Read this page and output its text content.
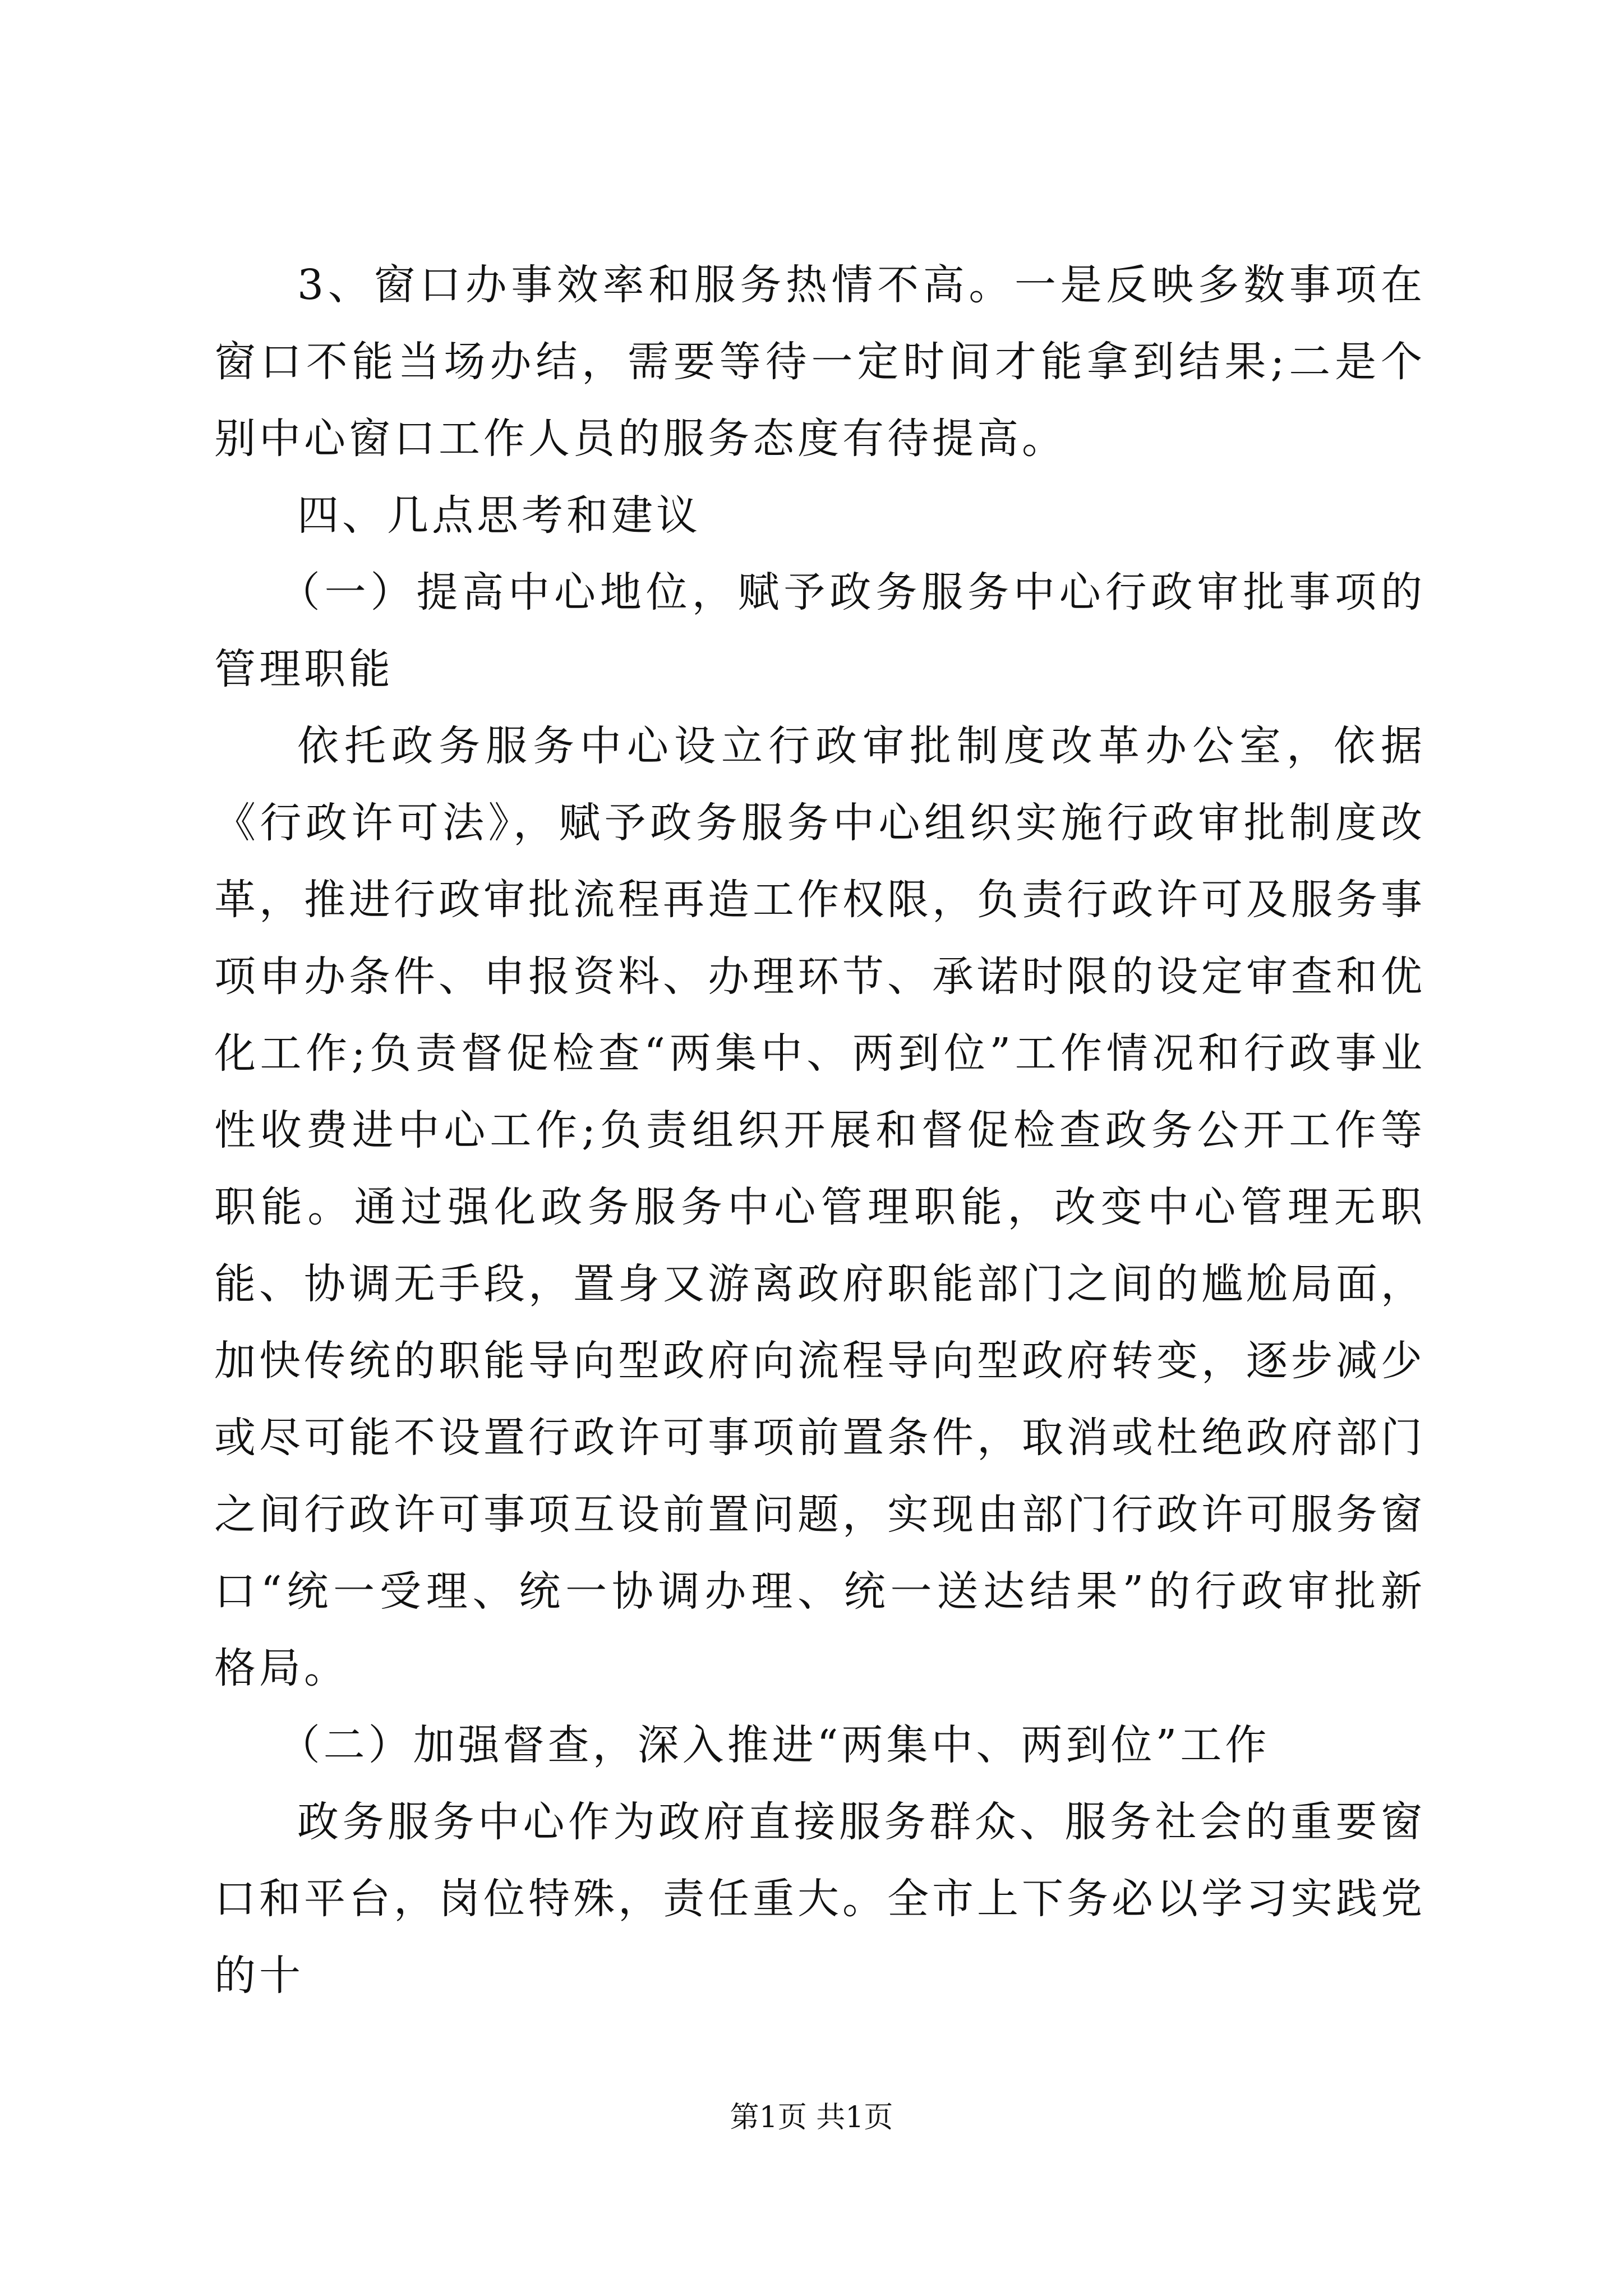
3、窗口办事效率和服务热情不高。一是反映多数事项在窗口不能当场办结，需要等待一定时间才能拿到结果;二是个别中心窗口工作人员的服务态度有待提高。

四、几点思考和建议

（一）提高中心地位，赋予政务服务中心行政审批事项的管理职能

依托政务服务中心设立行政审批制度改革办公室，依据《行政许可法》，赋予政务服务中心组织实施行政审批制度改革，推进行政审批流程再造工作权限，负责行政许可及服务事项申办条件、申报资料、办理环节、承诺时限的设定审查和优化工作;负责督促检查“两集中、两到位”工作情况和行政事业性收费进中心工作;负责组织开展和督促检查政务公开工作等职能。通过强化政务服务中心管理职能，改变中心管理无职能、协调无手段，置身又游离政府职能部门之间的尴尬局面，加快传统的职能导向型政府向流程导向型政府转变，逐步减少或尽可能不设置行政许可事项前置条件，取消或杜绝政府部门之间行政许可事项互设前置问题，实现由部门行政许可服务窗口“统一受理、统一协调办理、统一送达结果”的行政审批新格局。

（二）加强督查，深入推进“两集中、两到位”工作

政务服务中心作为政府直接服务群众、服务社会的重要窗口和平台，岗位特殊，责任重大。全市上下务必以学习实践党的十

第1页 共1页
